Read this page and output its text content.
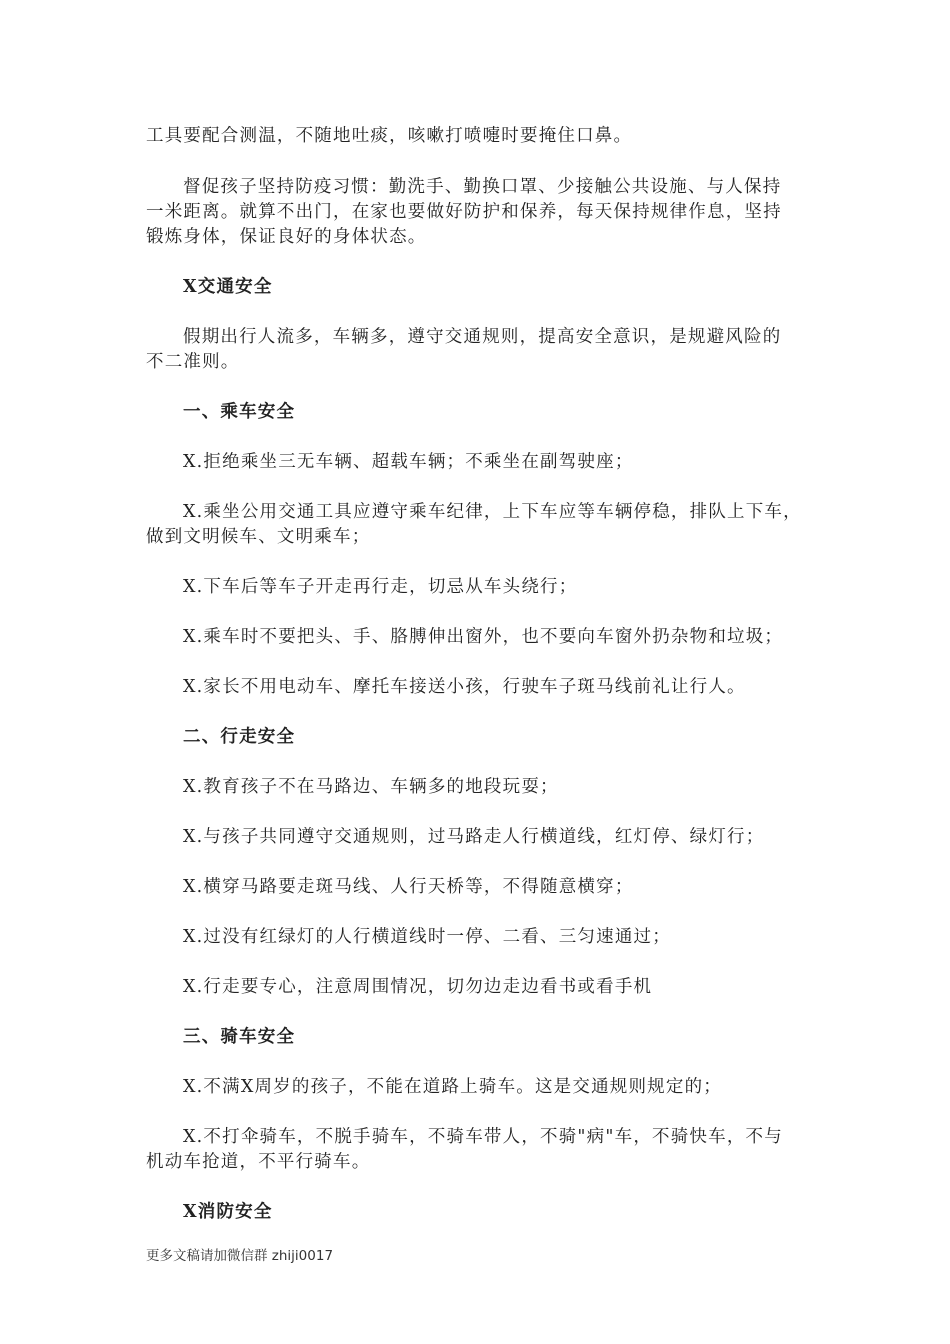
工具要配合测温，不随地吐痰，咳嗽打喷嚏时要掩住口鼻。
督促孩子坚持防疫习惯：勤洗手、勤换口罩、少接触公共设施、与人保持
一米距离。就算不出门，在家也要做好防护和保养，每天保持规律作息，坚持
锻炼身体，保证良好的身体状态。
X交通安全
假期出行人流多，车辆多，遵守交通规则，提高安全意识，是规避风险的
不二准则。
一、乘车安全
X.拒绝乘坐三无车辆、超载车辆；不乘坐在副驾驶座；
X.乘坐公用交通工具应遵守乘车纪律，上下车应等车辆停稳，排队上下车，
做到文明候车、文明乘车；
X.下车后等车子开走再行走，切忌从车头绕行；
X.乘车时不要把头、手、胳膊伸出窗外，也不要向车窗外扔杂物和垃圾；
X.家长不用电动车、摩托车接送小孩，行驶车子斑马线前礼让行人。
二、行走安全
X.教育孩子不在马路边、车辆多的地段玩耍；
X.与孩子共同遵守交通规则，过马路走人行横道线，红灯停、绿灯行；
X.横穿马路要走斑马线、人行天桥等，不得随意横穿；
X.过没有红绿灯的人行横道线时一停、二看、三匀速通过；
X.行走要专心，注意周围情况，切勿边走边看书或看手机
三、骑车安全
X.不满X周岁的孩子，不能在道路上骑车。这是交通规则规定的；
X.不打伞骑车，不脱手骑车，不骑车带人，不骑"病"车，不骑快车，不与
机动车抢道，不平行骑车。
X消防安全
更多文稿请加微信群 zhiji0017
